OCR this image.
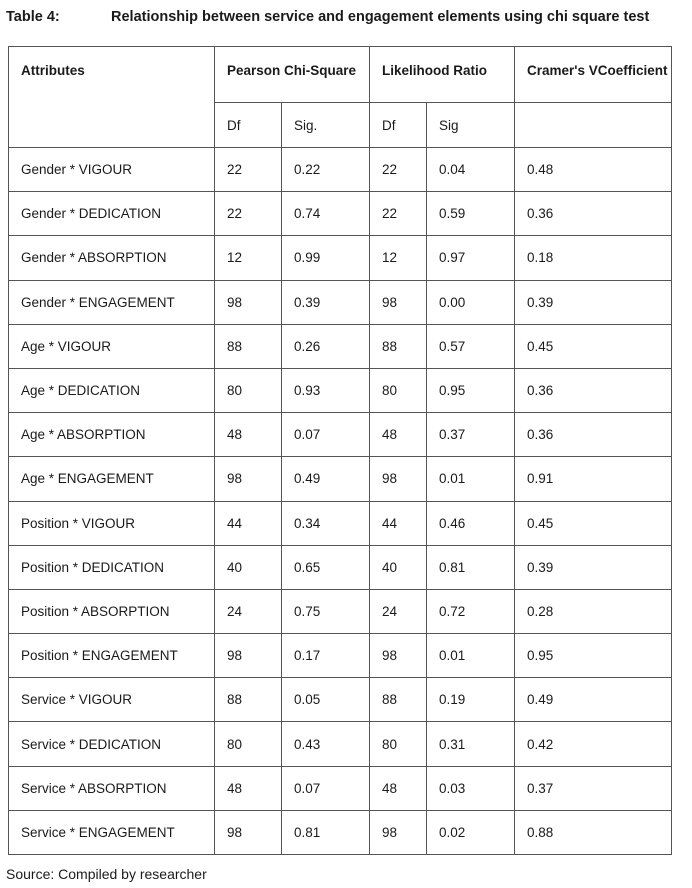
Table 4:	Relationship between service and engagement elements using chi square test
Attributes	Pearson Chi-Square		Likelihood Ratio		Cramer's VCoefficient
	Df	Sig.	Df	Sig	
Gender * VIGOUR	22	0.22	22	0.04	0.48
Gender * DEDICATION	22	0.74	22	0.59	0.36
Gender * ABSORPTION	12	0.99	12	0.97	0.18
Gender * ENGAGEMENT	98	0.39	98	0.00	0.39
Age * VIGOUR	88	0.26	88	0.57	0.45
Age * DEDICATION	80	0.93	80	0.95	0.36
Age * ABSORPTION	48	0.07	48	0.37	0.36
Age * ENGAGEMENT	98	0.49	98	0.01	0.91
Position * VIGOUR	44	0.34	44	0.46	0.45
Position * DEDICATION	40	0.65	40	0.81	0.39
Position * ABSORPTION	24	0.75	24	0.72	0.28
Position * ENGAGEMENT	98	0.17	98	0.01	0.95
Service * VIGOUR	88	0.05	88	0.19	0.49
Service * DEDICATION	80	0.43	80	0.31	0.42
Service * ABSORPTION	48	0.07	48	0.03	0.37
Service * ENGAGEMENT	98	0.81	98	0.02	0.88
Source: Compiled by researcher
